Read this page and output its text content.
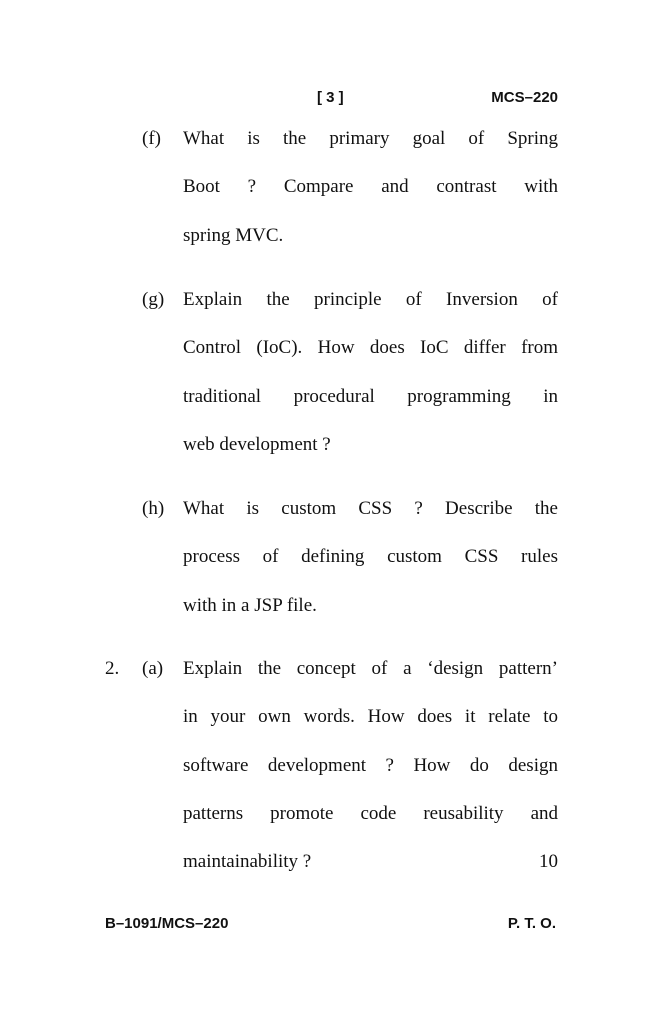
[ 3 ]	MCS–220
(f) What is the primary goal of Spring
Boot ? Compare and contrast with
spring MVC.
(g) Explain the principle of Inversion of
Control (IoC). How does IoC differ from
traditional procedural programming in
web development ?
(h) What is custom CSS ? Describe the
process of defining custom CSS rules
with in a JSP file.
2. (a) Explain the concept of a ‘design pattern’
in your own words. How does it relate to
software development ? How do design
patterns promote code reusability and
maintainability ?	10
B–1091/MCS–220	P. T. O.
